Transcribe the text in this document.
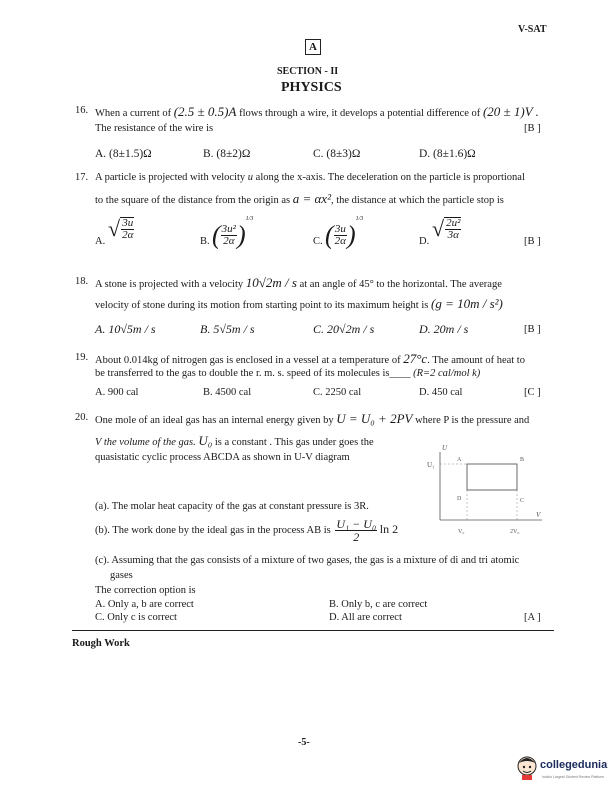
V-SAT
A
SECTION - II
PHYSICS
16. When a current of (2.5 ± 0.5)A flows through a wire, it develops a potential difference of (20 ± 1)V .
The resistance of the wire is	[B ]
A. (8±1.5)Ω	B. (8±2)Ω	C. (8±3)Ω	D. (8±1.6)Ω
17. A particle is projected with velocity u along the x-axis. The deceleration on the particle is proportional
to the square of the distance from the origin as a = αx², the distance at which the particle stop is
[B ]
A.
√ $\frac{3u}{2\alpha}$
B. ( $\frac{\text{3u²}}{2\alpha} )^{1/3}$
C. ( $\frac{3u}{2\alpha} )^{1/3}$
D.
√ $\frac{\text{2u²}}{3\alpha}$
18. A stone is projected with a velocity 10√2m / s at an angle of 45° to the horizontal. The average
velocity of stone during its motion from starting point to its maximum height is (g = 10m / s²)
[B ]
A. 10√5m / s	B. 5√5m / s	C. 20√2m / s	D. 20m / s
19. About 0.014kg of nitrogen gas is enclosed in a vessel at a temperature of 27°c. The amount of heat to
be transferred to the gas to double the r. m. s. speed of its molecules is____ (R=2 cal/mol k)
[C ]
A. 900 cal	B. 4500 cal	C. 2250 cal	D. 450 cal
20. One mole of an ideal gas has an internal energy given by U = U₀ + 2PV where P is the pressure and
V the volume of the gas. U₀ is a constant . This gas under goes the
quasistatic cyclic process ABCDA as shown in U-V diagram
U
U₁
A	B
C
D
V₀	2V₀
V
(a). The molar heat capacity of the gas at constant pressure is 3R.
(b). The work done by the ideal gas in the process AB is $\frac{\text{U₁ − U₀}}{2}$ ln 2
(c). Assuming that the gas consists of a mixture of two gases, the gas is a mixture of di and tri atomic
gases
The correction option is
A. Only a, b are correct	B. Only b, c are correct
C. Only c is correct	D. All are correct	[A ]
Rough Work
-5-
collegedunia
India's Largest Student Review Platform
